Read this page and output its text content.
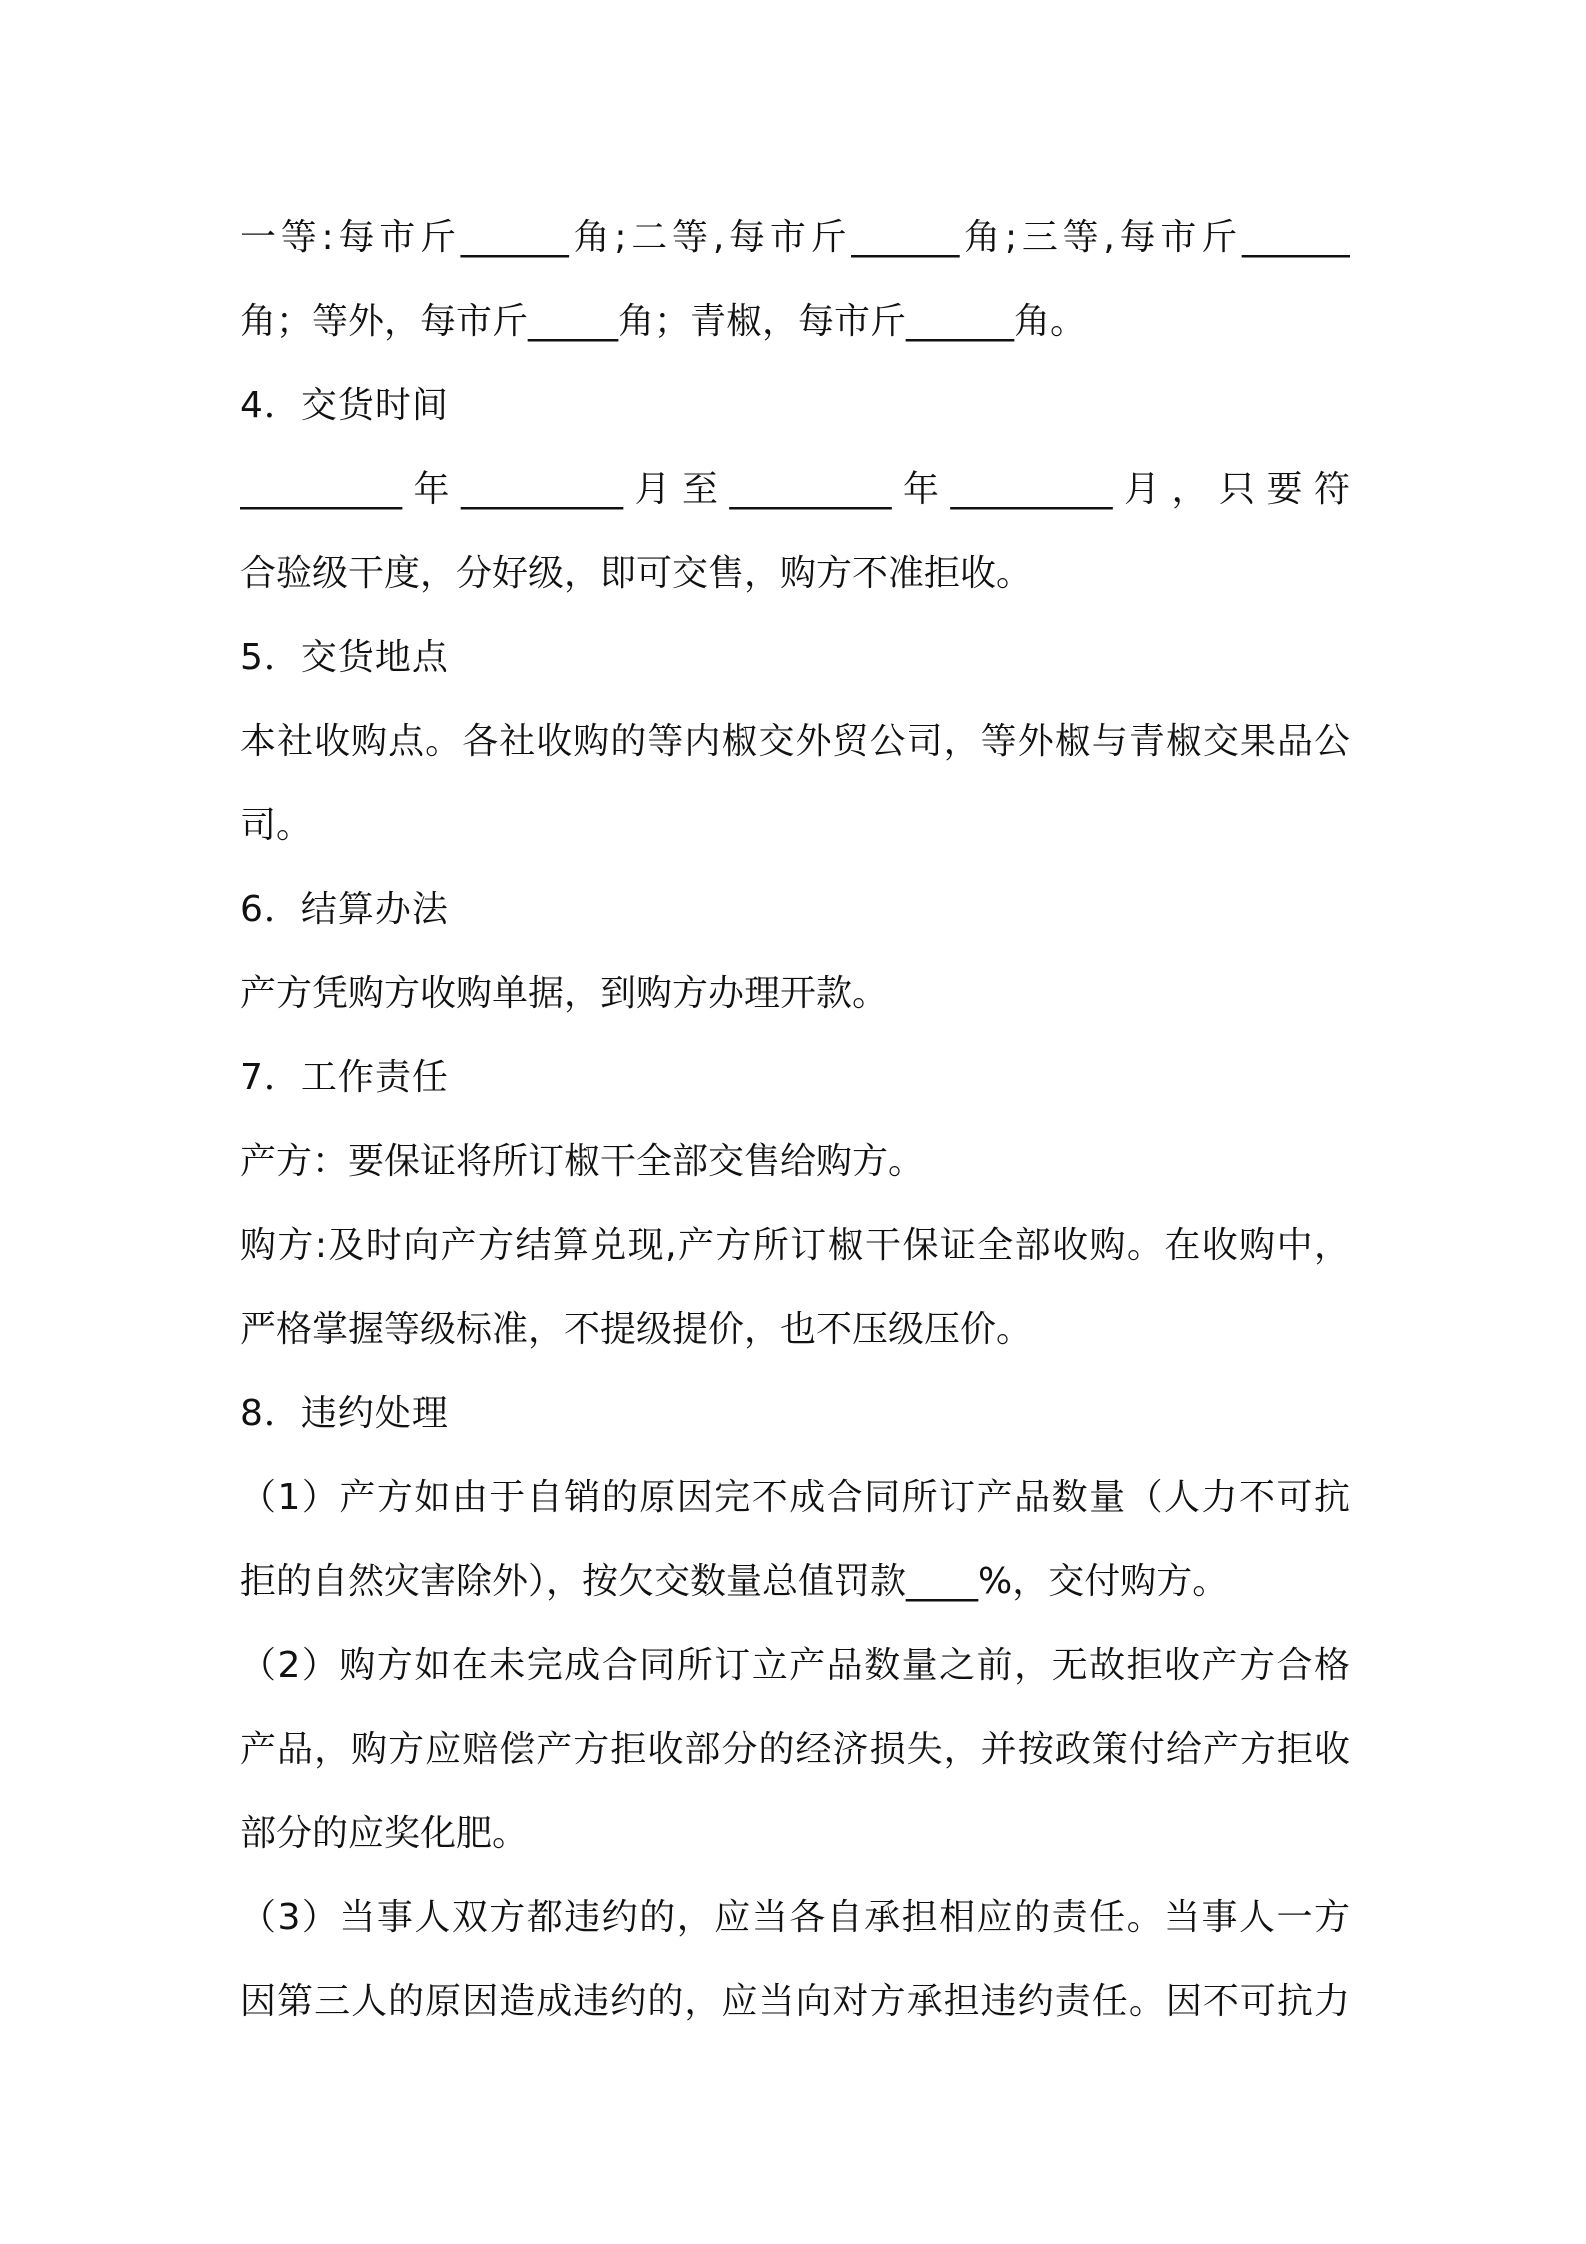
一等:每市斤______角;二等,每市斤______角;三等,每市斤______
角；等外，每市斤_____角；青椒，每市斤______角。
4．交货时间
_________年_________月至_________年_________月，只要符
合验级干度，分好级，即可交售，购方不准拒收。
5．交货地点
本社收购点。各社收购的等内椒交外贸公司，等外椒与青椒交果品公
司。
6．结算办法
产方凭购方收购单据，到购方办理开款。
7．工作责任
产方：要保证将所订椒干全部交售给购方。
购方:及时向产方结算兑现,产方所订椒干保证全部收购。在收购中，
严格掌握等级标准，不提级提价，也不压级压价。
8．违约处理
（1）产方如由于自销的原因完不成合同所订产品数量（人力不可抗
拒的自然灾害除外），按欠交数量总值罚款____%，交付购方。
（2）购方如在未完成合同所订立产品数量之前，无故拒收产方合格
产品，购方应赔偿产方拒收部分的经济损失，并按政策付给产方拒收
部分的应奖化肥。
（3）当事人双方都违约的，应当各自承担相应的责任。当事人一方
因第三人的原因造成违约的，应当向对方承担违约责任。因不可抗力
